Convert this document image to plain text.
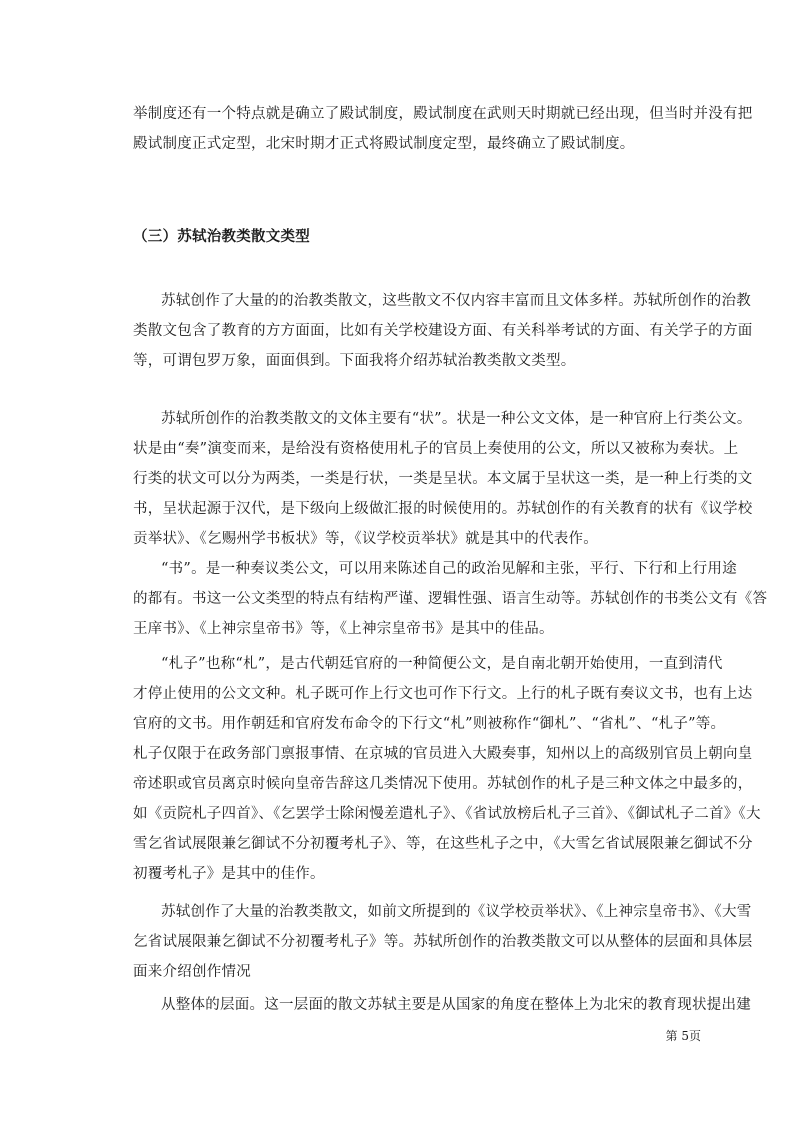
举制度还有一个特点就是确立了殿试制度，殿试制度在武则天时期就已经出现，但当时并没有把
殿试制度正式定型，北宋时期才正式将殿试制度定型，最终确立了殿试制度。
（三）苏轼治教类散文类型
苏轼创作了大量的的治教类散文，这些散文不仅内容丰富而且文体多样。苏轼所创作的治教
类散文包含了教育的方方面面，比如有关学校建设方面、有关科举考试的方面、有关学子的方面
等，可谓包罗万象，面面俱到。下面我将介绍苏轼治教类散文类型。
苏轼所创作的治教类散文的文体主要有“状”。状是一种公文文体，是一种官府上行类公文。
状是由“奏”演变而来，是给没有资格使用札子的官员上奏使用的公文，所以又被称为奏状。上
行类的状文可以分为两类，一类是行状，一类是呈状。本文属于呈状这一类，是一种上行类的文
书，呈状起源于汉代，是下级向上级做汇报的时候使用的。苏轼创作的有关教育的状有《议学校
贡举状》、《乞赐州学书板状》等，《议学校贡举状》就是其中的代表作。
“书”。是一种奏议类公文，可以用来陈述自己的政治见解和主张，平行、下行和上行用途
的都有。书这一公文类型的特点有结构严谨、逻辑性强、语言生动等。苏轼创作的书类公文有《答
王庠书》、《上神宗皇帝书》等，《上神宗皇帝书》是其中的佳品。
“札子”也称“札”，是古代朝廷官府的一种简便公文，是自南北朝开始使用，一直到清代
才停止使用的公文文种。札子既可作上行文也可作下行文。上行的札子既有奏议文书，也有上达
官府的文书。用作朝廷和官府发布命令的下行文“札”则被称作“御札”、“省札”、“札子”等。
札子仅限于在政务部门禀报事情、在京城的官员进入大殿奏事，知州以上的高级别官员上朝向皇
帝述职或官员离京时候向皇帝告辞这几类情况下使用。苏轼创作的札子是三种文体之中最多的，
如《贡院札子四首》、《乞罢学士除闲慢差遣札子》、《省试放榜后札子三首》、《御试札子二首》《大
雪乞省试展限兼乞御试不分初覆考札子》、等，在这些札子之中，《大雪乞省试展限兼乞御试不分
初覆考札子》是其中的佳作。
苏轼创作了大量的治教类散文，如前文所提到的《议学校贡举状》、《上神宗皇帝书》、《大雪
乞省试展限兼乞御试不分初覆考札子》等。苏轼所创作的治教类散文可以从整体的层面和具体层
面来介绍创作情况
从整体的层面。这一层面的散文苏轼主要是从国家的角度在整体上为北宋的教育现状提出建
第 5页
